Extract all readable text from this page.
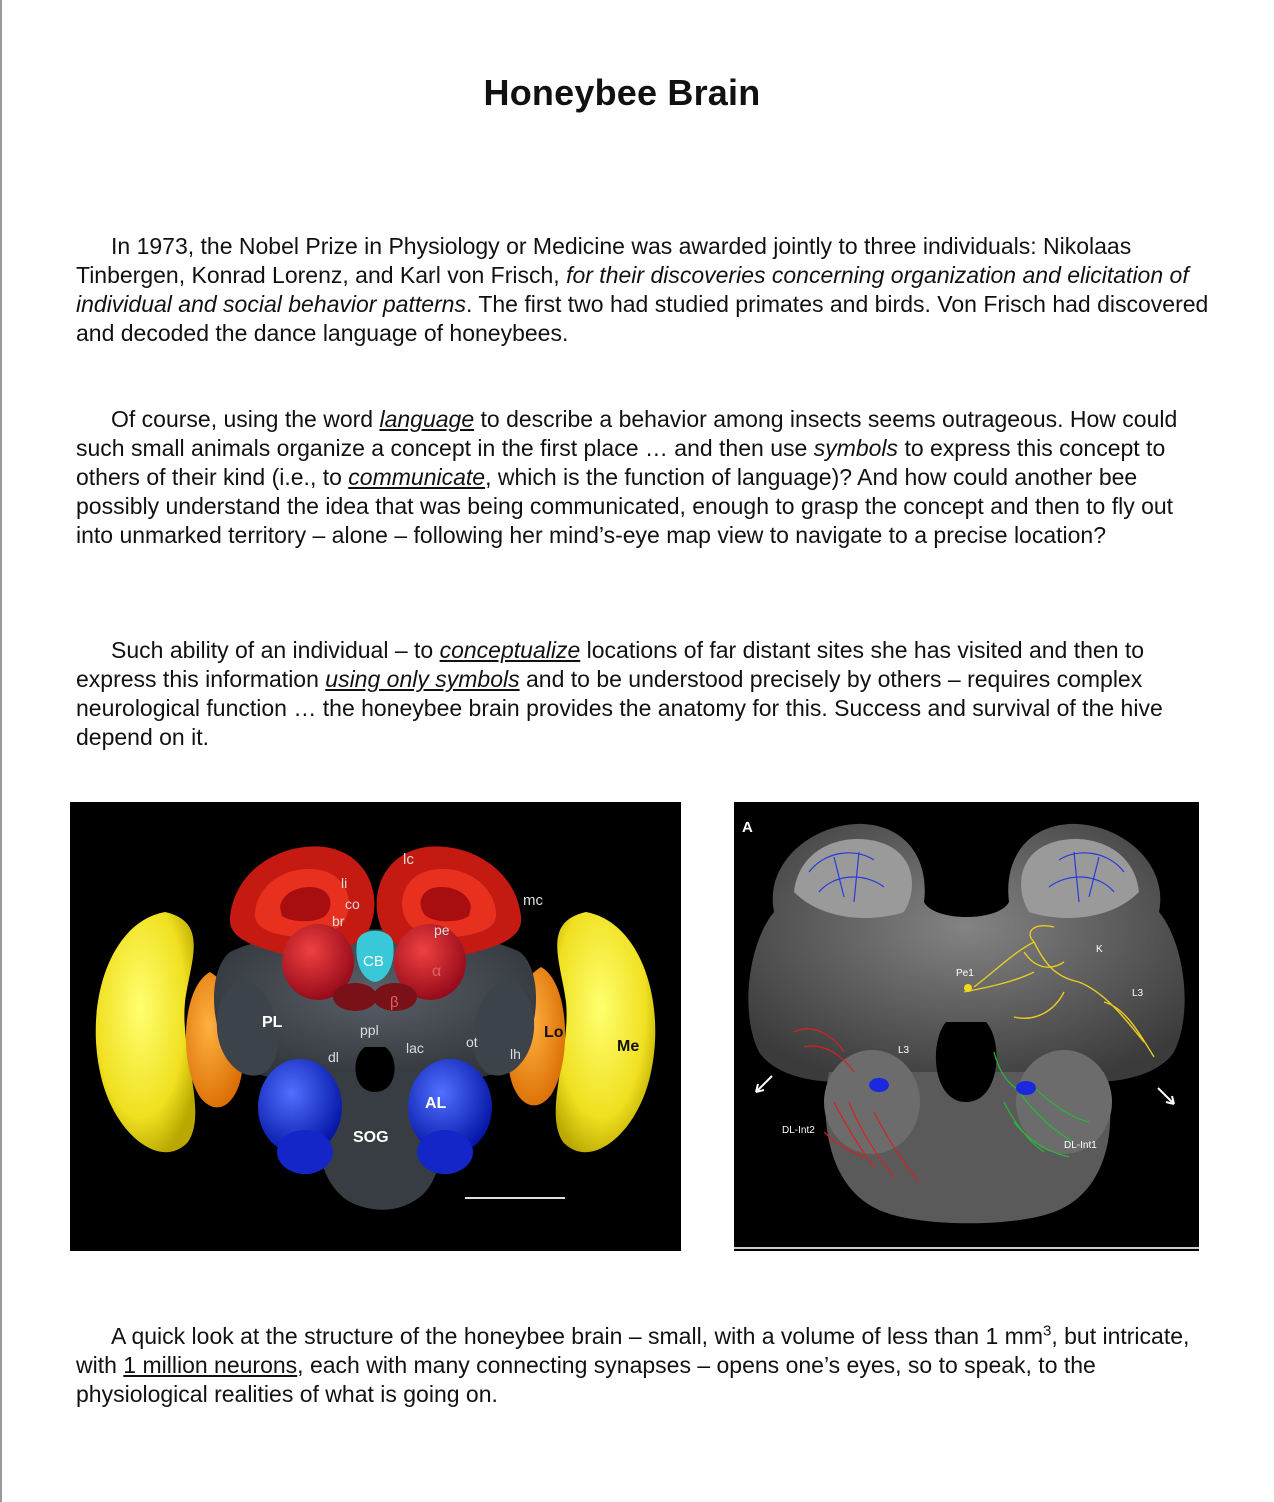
Honeybee Brain

In 1973, the Nobel Prize in Physiology or Medicine was awarded jointly to three individuals: Nikolaas Tinbergen, Konrad Lorenz, and Karl von Frisch, for their discoveries concerning organization and elicitation of individual and social behavior patterns. The first two had studied primates and birds. Von Frisch had discovered and decoded the dance language of honeybees.

Of course, using the word language to describe a behavior among insects seems outrageous. How could such small animals organize a concept in the first place … and then use symbols to express this concept to others of their kind (i.e., to communicate, which is the function of language)? And how could another bee possibly understand the idea that was being communicated, enough to grasp the concept and then to fly out into unmarked territory – alone – following her mind’s-eye map view to navigate to a precise location?

Such ability of an individual – to conceptualize locations of far distant sites she has visited and then to express this information using only symbols and to be understood precisely by others – requires complex neurological function … the honeybee brain provides the anatomy for this. Success and survival of the hive depend on it.

lc
li
co
br
pe
mc
CB
α
β
PL	ppl
lac	ot
lh
Lo
Me
dl
AL
SOG
A
K
Pe1
L3
L3
DL-Int2
DL-Int1

A quick look at the structure of the honeybee brain – small, with a volume of less than 1 $mm^3$, but intricate, with 1 million neurons, each with many connecting synapses – opens one’s eyes, so to speak, to the physiological realities of what is going on.
